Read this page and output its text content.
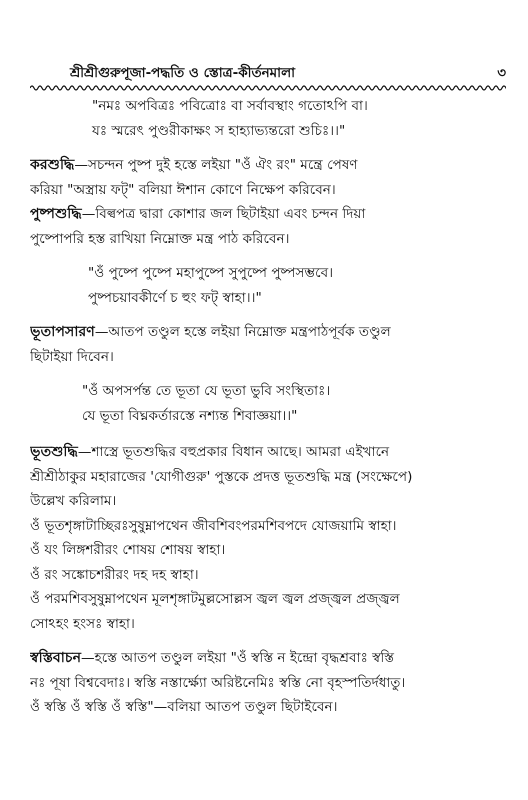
শ্রীশ্রীগুরুপূজা-পদ্ধতি ও স্তোত্র-কীর্তনমালা	৩
"নমঃ অপবিত্রঃ পবিত্রোঃ বা সর্বাবস্থাং গতোঽপি বা।
যঃ স্মরেৎ পুণ্ডরীকাক্ষং স হাহ্যাভ্যন্তরো শুচিঃ।।"
করশুদ্ধি—সচন্দন পুষ্প দুই হস্তে লইয়া "ওঁ ঐং রং" মন্ত্রে পেষণ
করিয়া "অস্ত্রায় ফট্" বলিয়া ঈশান কোণে নিক্ষেপ করিবেন।
পুষ্পশুদ্ধি—বিল্বপত্র দ্বারা কোশার জল ছিটাইয়া এবং চন্দন দিয়া
পুষ্পোপরি হস্ত রাখিয়া নিম্নোক্ত মন্ত্র পাঠ করিবেন।
"ওঁ পুষ্পে পুষ্পে মহাপুষ্পে সুপুষ্পে পুষ্পসম্ভবে।
পুষ্পচয়াবকীর্ণে চ হুং ফট্ স্বাহা।।"
ভূতাপসারণ—আতপ তণ্ডুল হস্তে লইয়া নিম্নোক্ত মন্ত্রপাঠপূর্বক তণ্ডুল
ছিটাইয়া দিবেন।
"ওঁ অপসর্পন্ত তে ভূতা যে ভূতা ভুবি সংস্থিতাঃ।
যে ভূতা বিঘ্নকর্তারস্তে নশ্যন্ত শিবাজ্ঞয়া।।"
ভূতশুদ্ধি—শাস্ত্রে ভূতশুদ্ধির বহুপ্রকার বিধান আছে। আমরা এইখানে
শ্রীশ্রীঠাকুর মহারাজের 'যোগীগুরু' পুস্তকে প্রদত্ত ভূতশুদ্ধি মন্ত্র (সংক্ষেপে)
উল্লেখ করিলাম।
ওঁ ভূতশৃঙ্গাটাচ্ছিরঃসুষুম্নাপথেন জীবশিবংপরমশিবপদে যোজয়ামি স্বাহা।
ওঁ যং লিঙ্গশরীরং শোষয় শোষয় স্বাহা।
ওঁ রং সঙ্কোচশরীরং দহ দহ স্বাহা।
ওঁ পরমশিবসুষুম্নাপথেন মূলশৃঙ্গাটমুল্লসোল্লস জ্বল জ্বল প্রজ্জ্বল প্রজ্জ্বল
সোঽহং হংসঃ স্বাহা।
স্বস্তিবাচন—হস্তে আতপ তণ্ডুল লইয়া "ওঁ স্বস্তি ন ইন্দ্রো বৃদ্ধশ্রবাঃ স্বস্তি
নঃ পূষা বিশ্ববেদাঃ। স্বস্তি নস্তার্ক্ষ্যো অরিষ্টনেমিঃ স্বস্তি নো বৃহস্পতির্দধাতু।
ওঁ স্বস্তি ওঁ স্বস্তি ওঁ স্বস্তি"—বলিয়া আতপ তণ্ডুল ছিটাইবেন।
